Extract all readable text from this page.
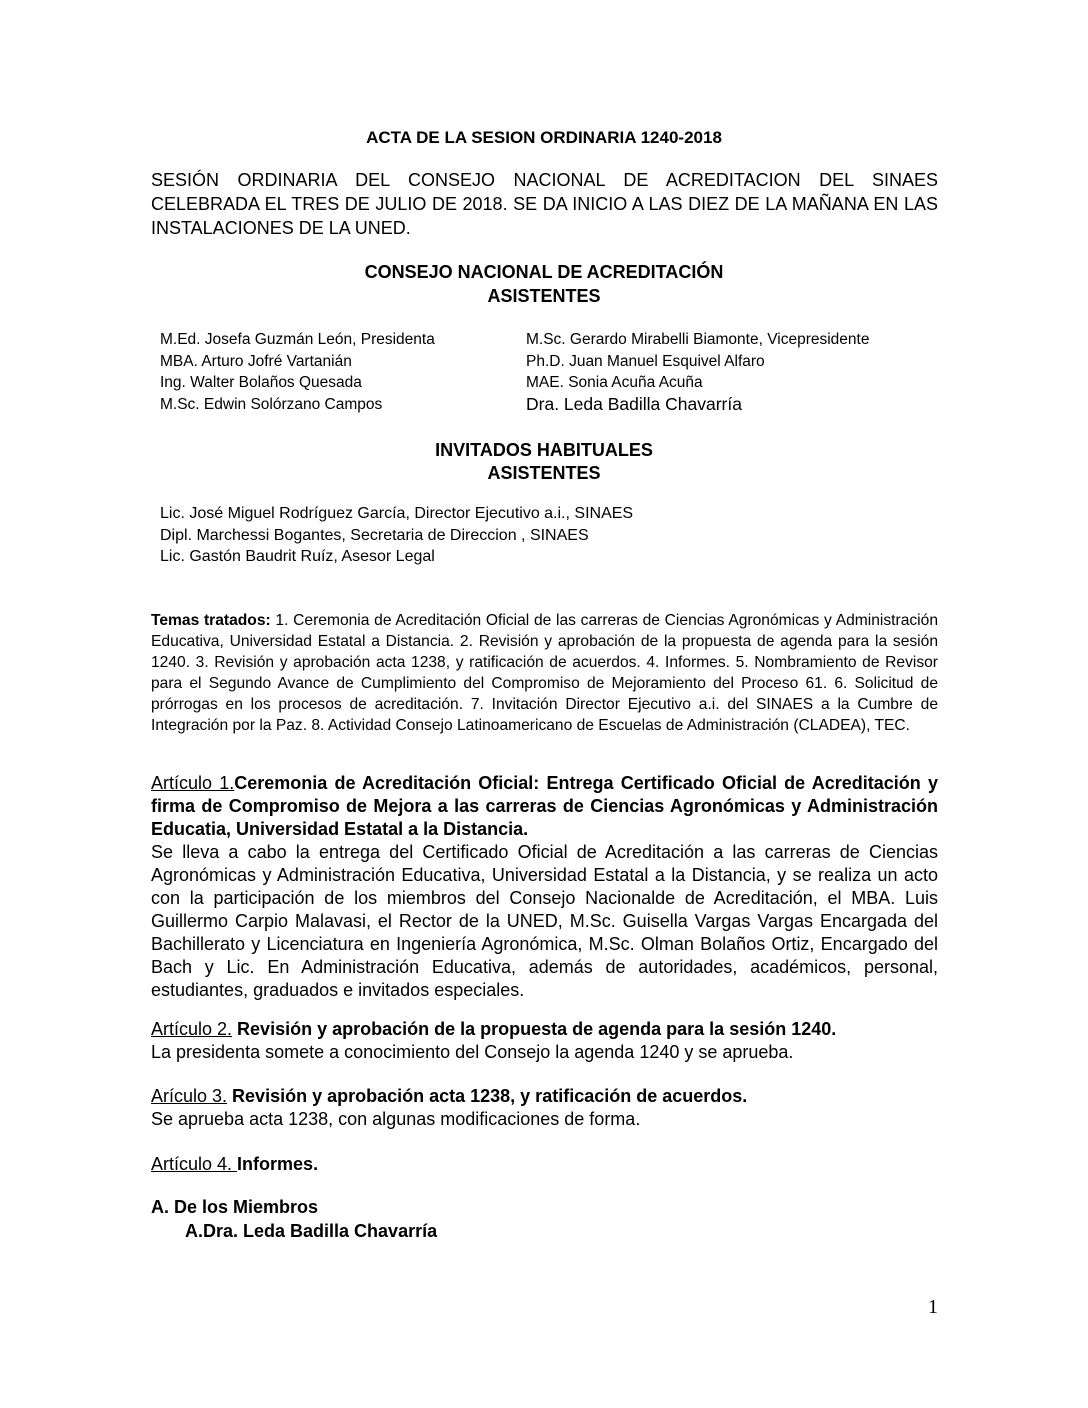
ACTA DE LA SESION ORDINARIA 1240-2018
SESIÓN ORDINARIA DEL CONSEJO NACIONAL DE ACREDITACION DEL SINAES CELEBRADA EL TRES DE JULIO DE 2018. SE DA INICIO A LAS DIEZ DE LA MAÑANA EN LAS INSTALACIONES DE LA UNED.
CONSEJO NACIONAL DE ACREDITACIÓN
ASISTENTES
M.Ed. Josefa Guzmán León, Presidenta
MBA. Arturo Jofré Vartanián
Ing. Walter Bolaños Quesada
M.Sc. Edwin Solórzano Campos
M.Sc. Gerardo Mirabelli Biamonte, Vicepresidente
Ph.D. Juan Manuel Esquivel Alfaro
MAE. Sonia Acuña Acuña
Dra. Leda Badilla Chavarría
INVITADOS HABITUALES
ASISTENTES
Lic. José Miguel Rodríguez García, Director Ejecutivo a.i., SINAES
Dipl. Marchessi Bogantes, Secretaria de Direccion , SINAES
Lic. Gastón Baudrit Ruíz, Asesor Legal
Temas tratados: 1. Ceremonia de Acreditación Oficial de las carreras de Ciencias Agronómicas y Administración Educativa, Universidad Estatal a Distancia. 2. Revisión y aprobación de la propuesta de agenda para la sesión 1240. 3. Revisión y aprobación acta 1238, y ratificación de acuerdos. 4. Informes. 5. Nombramiento de Revisor para el Segundo Avance de Cumplimiento del Compromiso de Mejoramiento del Proceso 61. 6. Solicitud de prórrogas en los procesos de acreditación. 7. Invitación Director Ejecutivo a.i. del SINAES a la Cumbre de Integración por la Paz. 8. Actividad Consejo Latinoamericano de Escuelas de Administración (CLADEA), TEC.
Artículo 1.Ceremonia de Acreditación Oficial: Entrega Certificado Oficial de Acreditación y firma de Compromiso de Mejora a las carreras de Ciencias Agronómicas y Administración Educatia, Universidad Estatal a la Distancia.
Se lleva a cabo la entrega del Certificado Oficial de Acreditación a las carreras de Ciencias Agronómicas y Administración Educativa, Universidad Estatal a la Distancia, y se realiza un acto con la participación de los miembros del Consejo Nacionalde de Acreditación, el MBA. Luis Guillermo Carpio Malavasi, el Rector de la UNED, M.Sc. Guisella Vargas Vargas Encargada del Bachillerato y Licenciatura en Ingeniería Agronómica, M.Sc. Olman Bolaños Ortiz, Encargado del Bach y Lic. En Administración Educativa, además de autoridades, académicos, personal, estudiantes, graduados e invitados especiales.
Artículo 2. Revisión y aprobación de la propuesta de agenda para la sesión 1240.
La presidenta somete a conocimiento del Consejo la agenda 1240 y se aprueba.
Arículo 3. Revisión y aprobación acta 1238, y ratificación de acuerdos.
Se aprueba acta 1238, con algunas modificaciones de forma.
Artículo 4. Informes.
A. De los Miembros
A.Dra. Leda Badilla Chavarría
1
